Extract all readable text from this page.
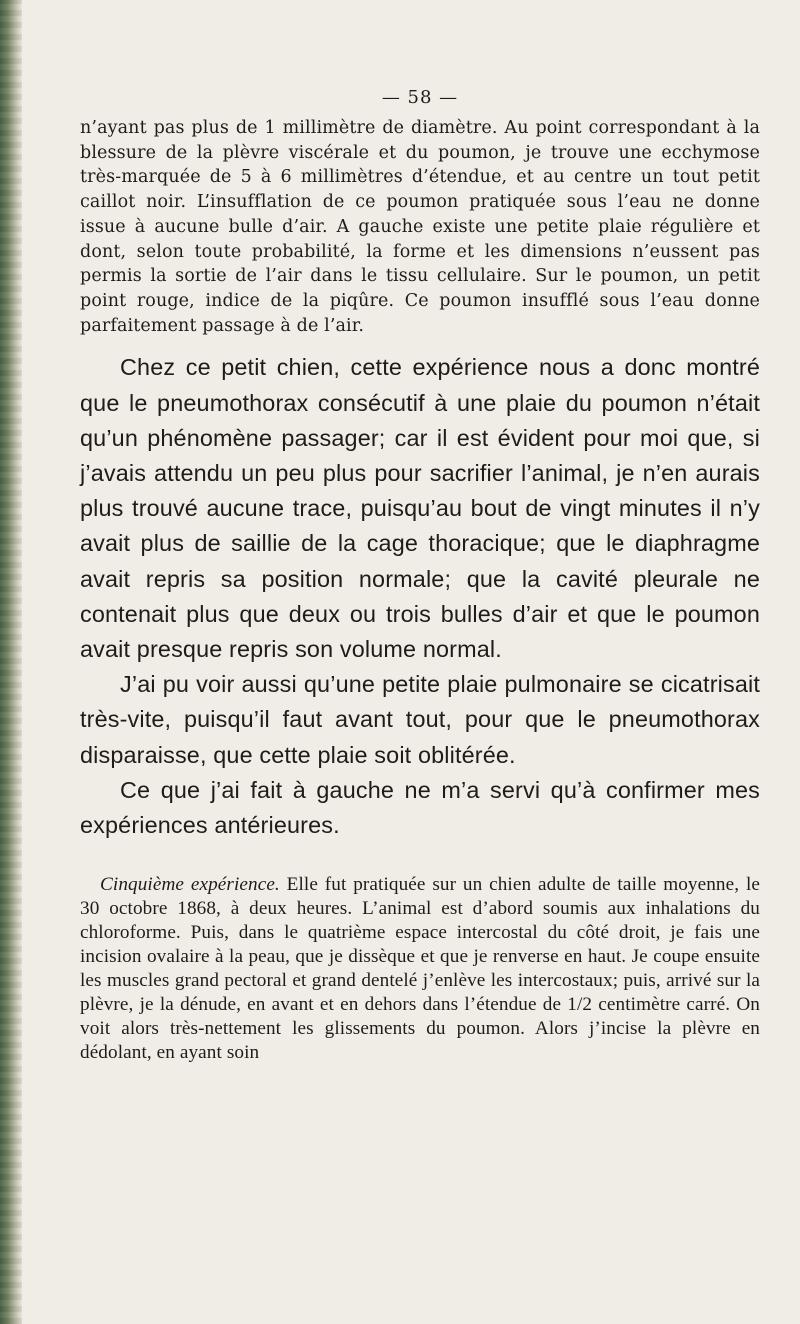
— 58 —

n’ayant pas plus de 1 millimètre de diamètre. Au point correspondant à la blessure de la plèvre viscérale et du poumon, je trouve une ecchymose très-marquée de 5 à 6 millimètres d’étendue, et au centre un tout petit caillot noir. L’insufflation de ce poumon pratiquée sous l’eau ne donne issue à aucune bulle d’air. A gauche existe une petite plaie régulière et dont, selon toute probabilité, la forme et les dimensions n’eussent pas permis la sortie de l’air dans le tissu cellulaire. Sur le poumon, un petit point rouge, indice de la piqûre. Ce poumon insufflé sous l’eau donne parfaitement passage à de l’air.

Chez ce petit chien, cette expérience nous a donc montré que le pneumothorax consécutif à une plaie du poumon n’était qu’un phénomène passager; car il est évident pour moi que, si j’avais attendu un peu plus pour sacrifier l’animal, je n’en aurais plus trouvé aucune trace, puisqu’au bout de vingt minutes il n’y avait plus de saillie de la cage thoracique; que le diaphragme avait repris sa position normale; que la cavité pleurale ne contenait plus que deux ou trois bulles d’air et que le poumon avait presque repris son volume normal.

J’ai pu voir aussi qu’une petite plaie pulmonaire se cicatrisait très-vite, puisqu’il faut avant tout, pour que le pneumothorax disparaisse, que cette plaie soit oblitérée.

Ce que j’ai fait à gauche ne m’a servi qu’à confirmer mes expériences antérieures.

Cinquième expérience. Elle fut pratiquée sur un chien adulte de taille moyenne, le 30 octobre 1868, à deux heures. L’animal est d’abord soumis aux inhalations du chloroforme. Puis, dans le quatrième espace intercostal du côté droit, je fais une incision ovalaire à la peau, que je dissèque et que je renverse en haut. Je coupe ensuite les muscles grand pectoral et grand dentelé j’enlève les intercostaux; puis, arrivé sur la plèvre, je la dénude, en avant et en dehors dans l’étendue de 1/2 centimètre carré. On voit alors très-nettement les glissements du poumon. Alors j’incise la plèvre en dédolant, en ayant soin
